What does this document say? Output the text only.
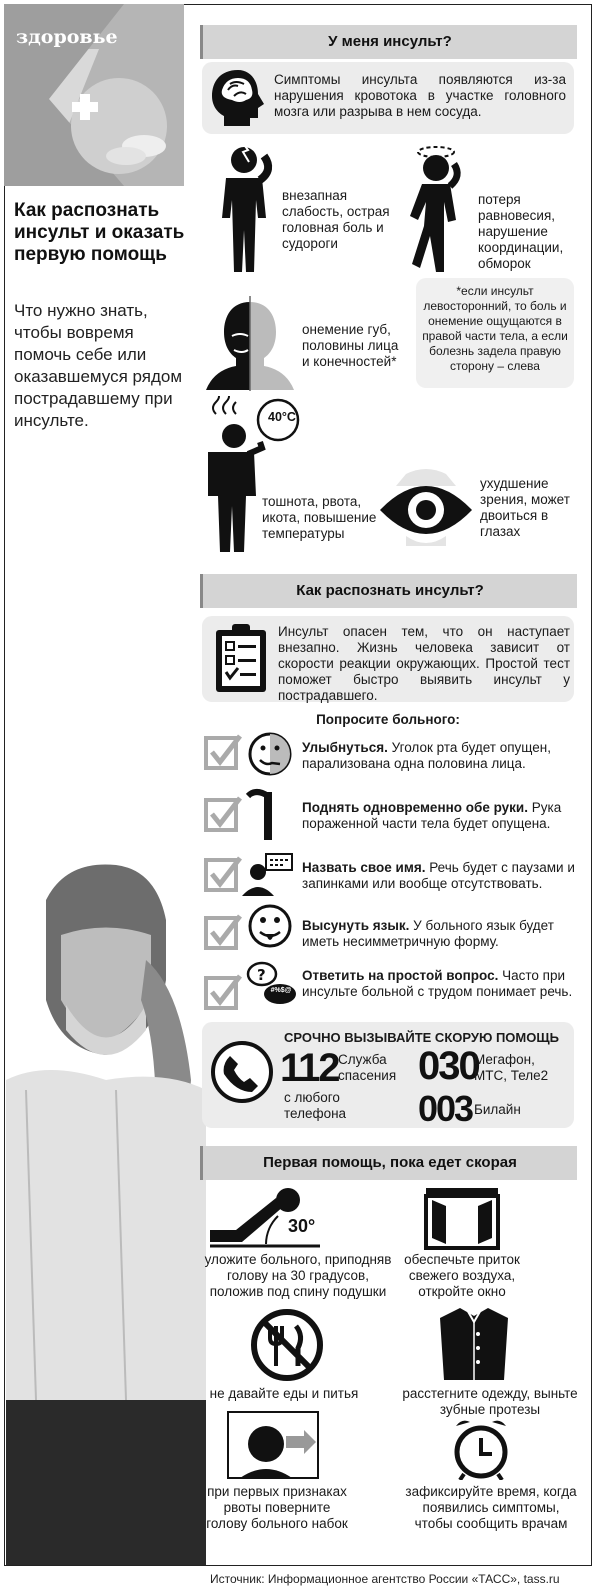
здоровье
Как распознать инсульт и оказать первую помощь
Что нужно знать, чтобы вовремя помочь себе или оказавшемуся рядом пострадавшему при инсульте.
У меня инсульт?
Симптомы инсульта появляются из-за нарушения кровотока в участке головного мозга или разрыва в нем сосуда.
внезапная слабость, острая головная боль и судороги
потеря равновесия, нарушение координации, обморок
онемение губ, половины лица и конечностей*
*если инсульт левосторонний, то боль и онемение ощущаются в правой части тела, а если болезнь задела правую сторону – слева
40°C
тошнота, рвота, икота, повышение температуры
ухудшение зрения, может двоиться в глазах
Как распознать инсульт?
Инсульт опасен тем, что он наступает внезапно. Жизнь человека зависит от скорости реакции окружающих. Простой тест поможет быстро выявить инсульт у пострадавшего.
Попросите больного:
?
#%$@
Улыбнуться. Уголок рта будет опущен, парализована одна половина лица.
Поднять одновременно обе руки. Рука пораженной части тела будет опущена.
Назвать свое имя. Речь будет с паузами и запинками или вообще отсутствовать.
Высунуть язык. У больного язык будет иметь несимметричную форму.
Ответить на простой вопрос. Часто при инсульте больной с трудом понимает речь.
СРОЧНО ВЫЗЫВАЙТЕ СКОРУЮ ПОМОЩЬ
112 Служба спасения
с любого телефона
030
Мегафон, МТС, Теле2
003 Билайн
Первая помощь, пока едет скорая
30°
уложите больного, приподняв голову на 30 градусов, положив под спину подушки
обеспечьте приток свежего воздуха, откройте окно
не давайте еды и питья	расстегните одежду, выньте зубные протезы
при первых признаках рвоты поверните голову больного набок
зафиксируйте время, когда появились симптомы, чтобы сообщить врачам
Источник: Информационное агентство России «ТАСС», tass.ru
